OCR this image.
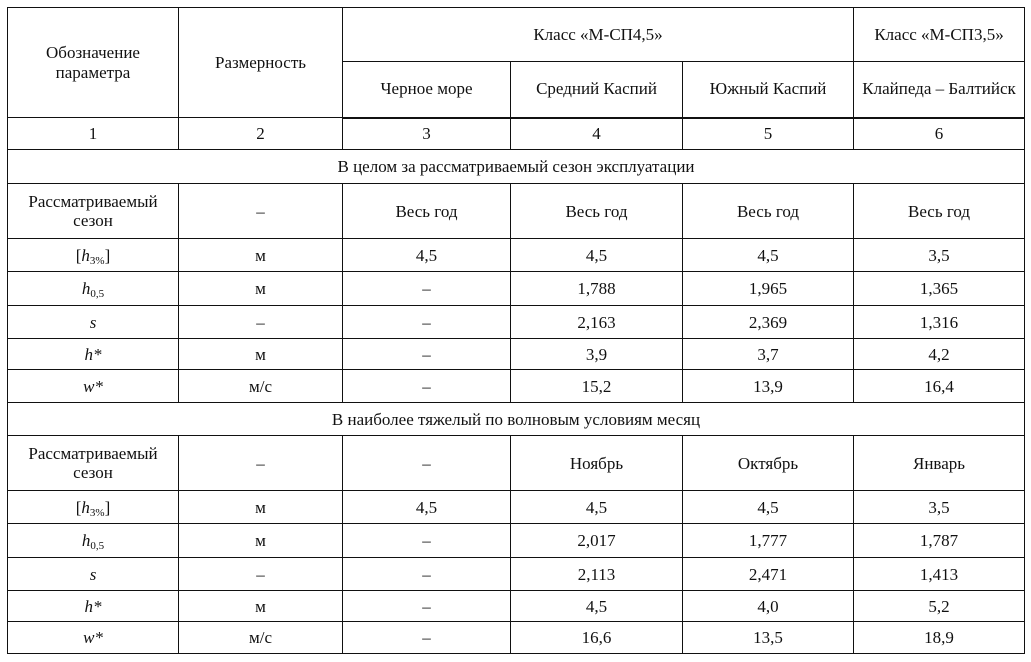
Обозначение параметра	Размерность	Класс «М-СП4,5»			Класс «М-СП3,5»
		Черное море	Средний Каспий	Южный Каспий	Клайпеда – Балтийск
1	2	3	4	5	6
В целом за рассматриваемый сезон эксплуатации					
Рассматриваемый сезон	–	Весь год	Весь год	Весь год	Весь год
$[h_{3\%}]$	м	4,5	4,5	4,5	3,5
$h_{0,5}$	м	–	1,788	1,965	1,365
s	–	–	2,163	2,369	1,316
h*	м	–	3,9	3,7	4,2
w*	м/с	–	15,2	13,9	16,4
В наиболее тяжелый по волновым условиям месяц					
Рассматриваемый сезон	–	–	Ноябрь	Октябрь	Январь
$[h_{3\%}]$	м	4,5	4,5	4,5	3,5
$h_{0,5}$	м	–	2,017	1,777	1,787
s	–	–	2,113	2,471	1,413
h*	м	–	4,5	4,0	5,2
w*	м/с	–	16,6	13,5	18,9
